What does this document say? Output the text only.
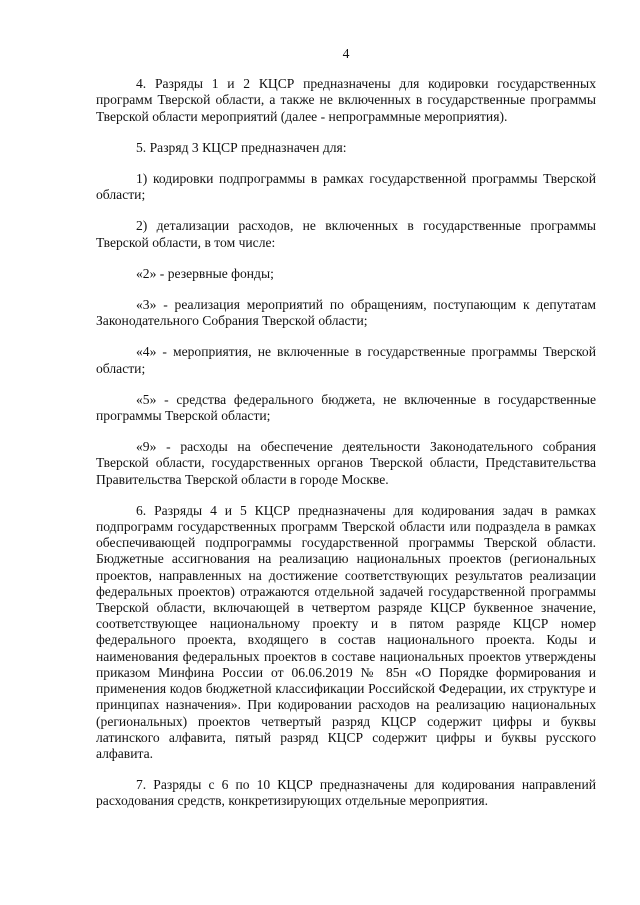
4

4. Разряды 1 и 2 КЦСР предназначены для кодировки государственных программ Тверской области, а также не включенных в государственные программы Тверской области мероприятий (далее - непрограммные мероприятия).

5. Разряд 3 КЦСР предназначен для:

1) кодировки подпрограммы в рамках государственной программы Тверской области;

2) детализации расходов, не включенных в государственные программы Тверской области, в том числе:

«2» - резервные фонды;

«3» - реализация мероприятий по обращениям, поступающим к депутатам Законодательного Собрания Тверской области;

«4» - мероприятия, не включенные в государственные программы Тверской области;

«5» - средства федерального бюджета, не включенные в государственные программы Тверской области;

«9» - расходы на обеспечение деятельности Законодательного собрания Тверской области, государственных органов Тверской области, Представительства Правительства Тверской области в городе Москве.

6. Разряды 4 и 5 КЦСР предназначены для кодирования задач в рамках подпрограмм государственных программ Тверской области или подраздела в рамках обеспечивающей подпрограммы государственной программы Тверской области. Бюджетные ассигнования на реализацию национальных проектов (региональных проектов, направленных на достижение соответствующих результатов реализации федеральных проектов) отражаются отдельной задачей государственной программы Тверской области, включающей в четвертом разряде КЦСР буквенное значение, соответствующее национальному проекту и в пятом разряде КЦСР номер федерального проекта, входящего в состав национального проекта. Коды и наименования федеральных проектов в составе национальных проектов утверждены приказом Минфина России от 06.06.2019 № 85н «О Порядке формирования и применения кодов бюджетной классификации Российской Федерации, их структуре и принципах назначения». При кодировании расходов на реализацию национальных (региональных) проектов четвертый разряд КЦСР содержит цифры и буквы латинского алфавита, пятый разряд КЦСР содержит цифры и буквы русского алфавита.

7. Разряды с 6 по 10 КЦСР предназначены для кодирования направлений расходования средств, конкретизирующих отдельные мероприятия.
